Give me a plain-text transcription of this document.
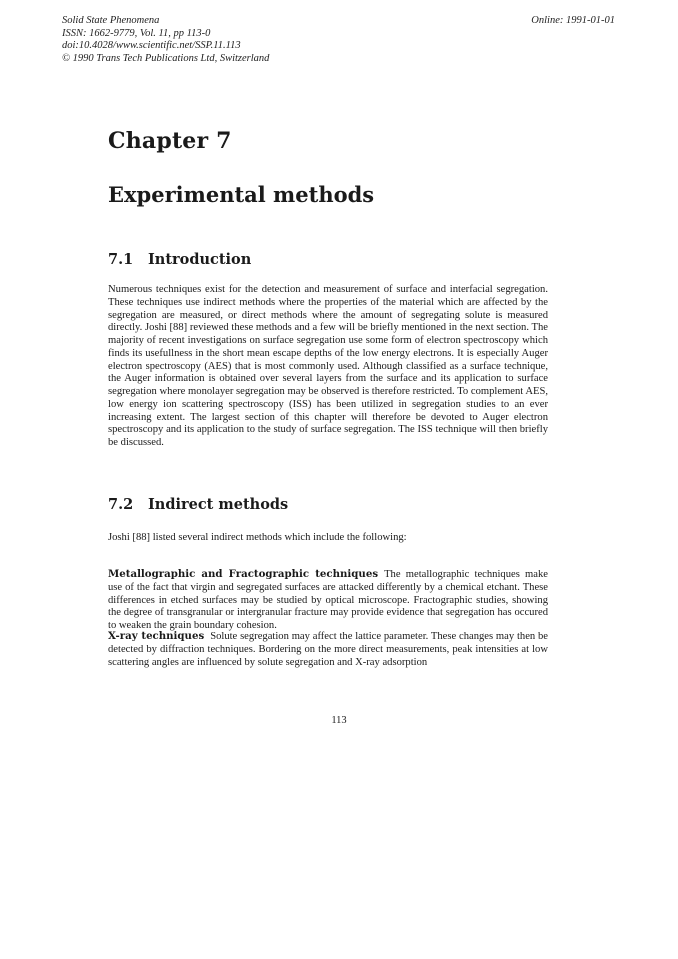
Solid State Phenomena
ISSN: 1662-9779, Vol. 11, pp 113-0
doi:10.4028/www.scientific.net/SSP.11.113
© 1990 Trans Tech Publications Ltd, Switzerland
Online: 1991-01-01
Chapter 7
Experimental methods
7.1 Introduction

Numerous techniques exist for the detection and measurement of surface and interfacial segregation. These techniques use indirect methods where the properties of the material which are affected by the segregation are measured, or direct methods where the amount of segregating solute is measured directly. Joshi [88] reviewed these methods and a few will be briefly mentioned in the next section. The majority of recent investigations on surface segregation use some form of electron spectroscopy which finds its usefullness in the short mean escape depths of the low energy electrons. It is especially Auger electron spectroscopy (AES) that is most commonly used. Although classified as a surface technique, the Auger information is obtained over several layers from the surface and its application to surface segregation where monolayer segregation may be observed is therefore restricted. To complement AES, low energy ion scattering spectroscopy (ISS) has been utilized in segregation studies to an ever increasing extent. The largest section of this chapter will therefore be devoted to Auger electron spectroscopy and its application to the study of surface segregation. The ISS technique will then briefly be discussed.

7.2 Indirect methods

Joshi [88] listed several indirect methods which include the following:

Metallographic and Fractographic techniques The metallographic techniques make use of the fact that virgin and segregated surfaces are attacked differently by a chemical etchant. These differences in etched surfaces may be studied by optical microscope. Fractographic studies, showing the degree of transgranular or intergranular fracture may provide evidence that segregation has occured to weaken the grain boundary cohesion.

X-ray techniques Solute segregation may affect the lattice parameter. These changes may then be detected by diffraction techniques. Bordering on the more direct measurements, peak intensities at low scattering angles are influenced by solute segregation and X-ray adsorption

113
